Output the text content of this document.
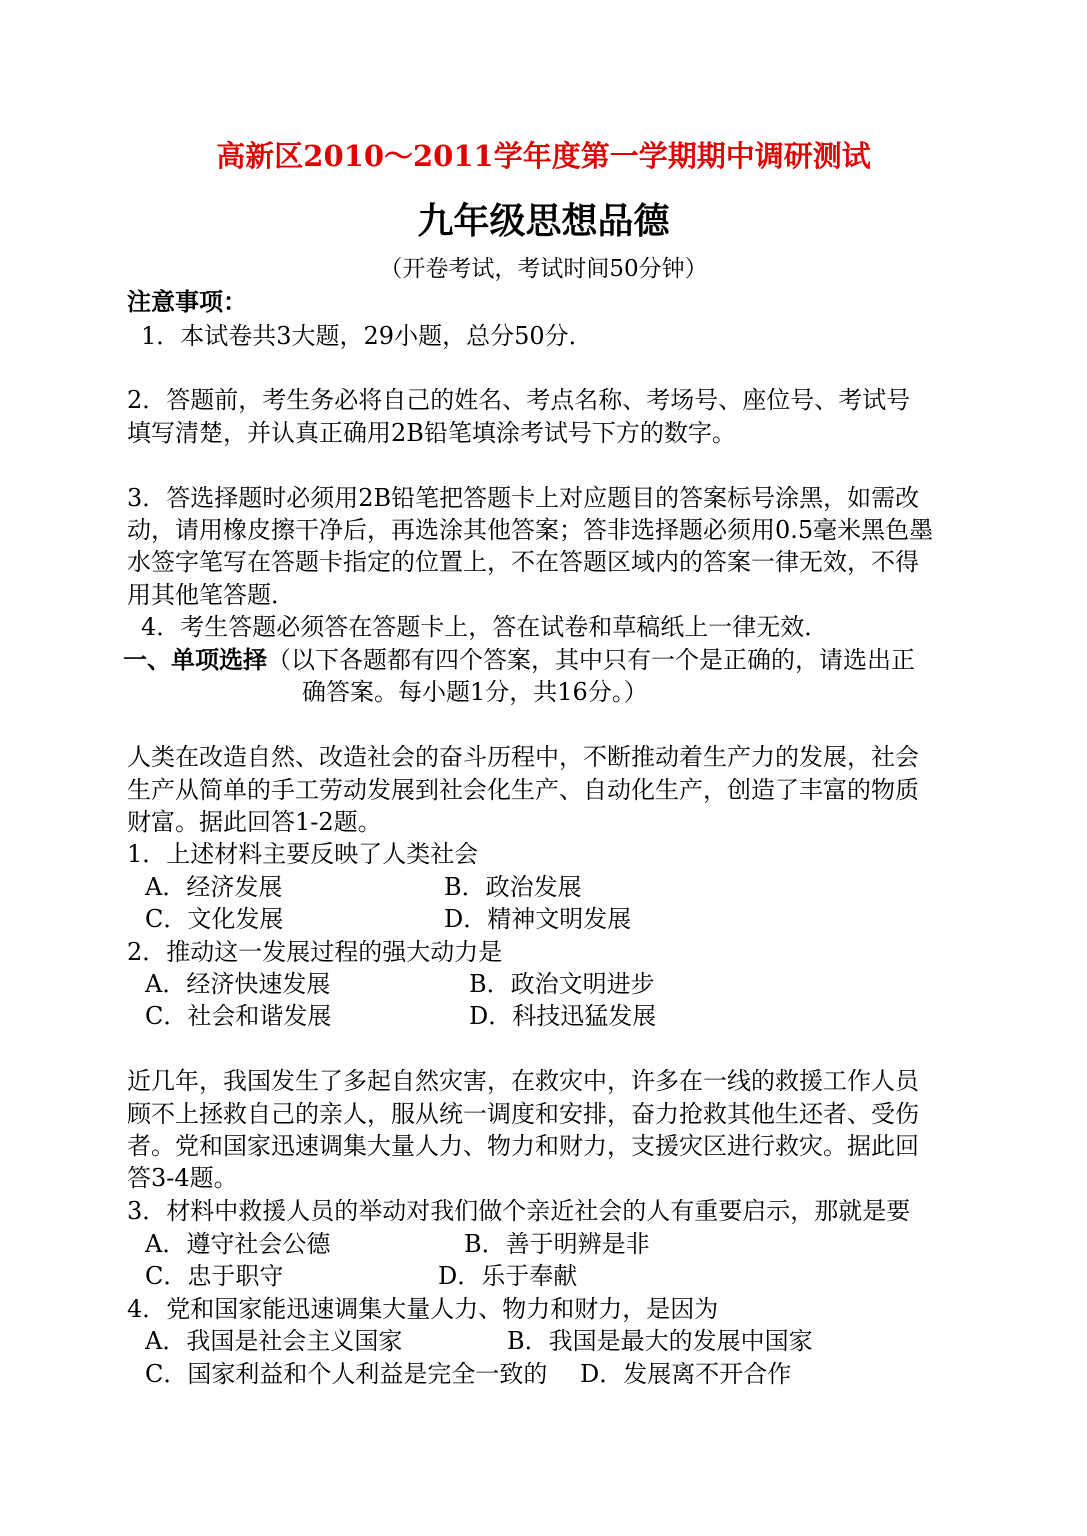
高新区2010～2011学年度第一学期期中调研测试
九年级思想品德
（开卷考试，考试时间50分钟）
注意事项：
1．本试卷共3大题，29小题，总分50分．
2．答题前，考生务必将自己的姓名、考点名称、考场号、座位号、考试号
填写清楚，并认真正确用2B铅笔填涂考试号下方的数字。
3．答选择题时必须用2B铅笔把答题卡上对应题目的答案标号涂黑，如需改
动，请用橡皮擦干净后，再选涂其他答案；答非选择题必须用0.5毫米黑色墨
水签字笔写在答题卡指定的位置上，不在答题区域内的答案一律无效，不得
用其他笔答题．
4．考生答题必须答在答题卡上，答在试卷和草稿纸上一律无效．
一、单项选择（以下各题都有四个答案，其中只有一个是正确的，请选出正
确答案。每小题1分，共16分。）
人类在改造自然、改造社会的奋斗历程中，不断推动着生产力的发展，社会
生产从简单的手工劳动发展到社会化生产、自动化生产，创造了丰富的物质
财富。据此回答1-2题。
1．上述材料主要反映了人类社会
A．经济发展	B．政治发展
C．文化发展	D．精神文明发展
2．推动这一发展过程的强大动力是
A．经济快速发展	B．政治文明进步
C．社会和谐发展	D．科技迅猛发展
近几年，我国发生了多起自然灾害，在救灾中，许多在一线的救援工作人员
顾不上拯救自己的亲人，服从统一调度和安排，奋力抢救其他生还者、受伤
者。党和国家迅速调集大量人力、物力和财力，支援灾区进行救灾。据此回
答3-4题。
3．材料中救援人员的举动对我们做个亲近社会的人有重要启示，那就是要
A．遵守社会公德	B．善于明辨是非
C．忠于职守	D．乐于奉献
4．党和国家能迅速调集大量人力、物力和财力，是因为
A．我国是社会主义国家	B．我国是最大的发展中国家
C．国家利益和个人利益是完全一致的 D．发展离不开合作
